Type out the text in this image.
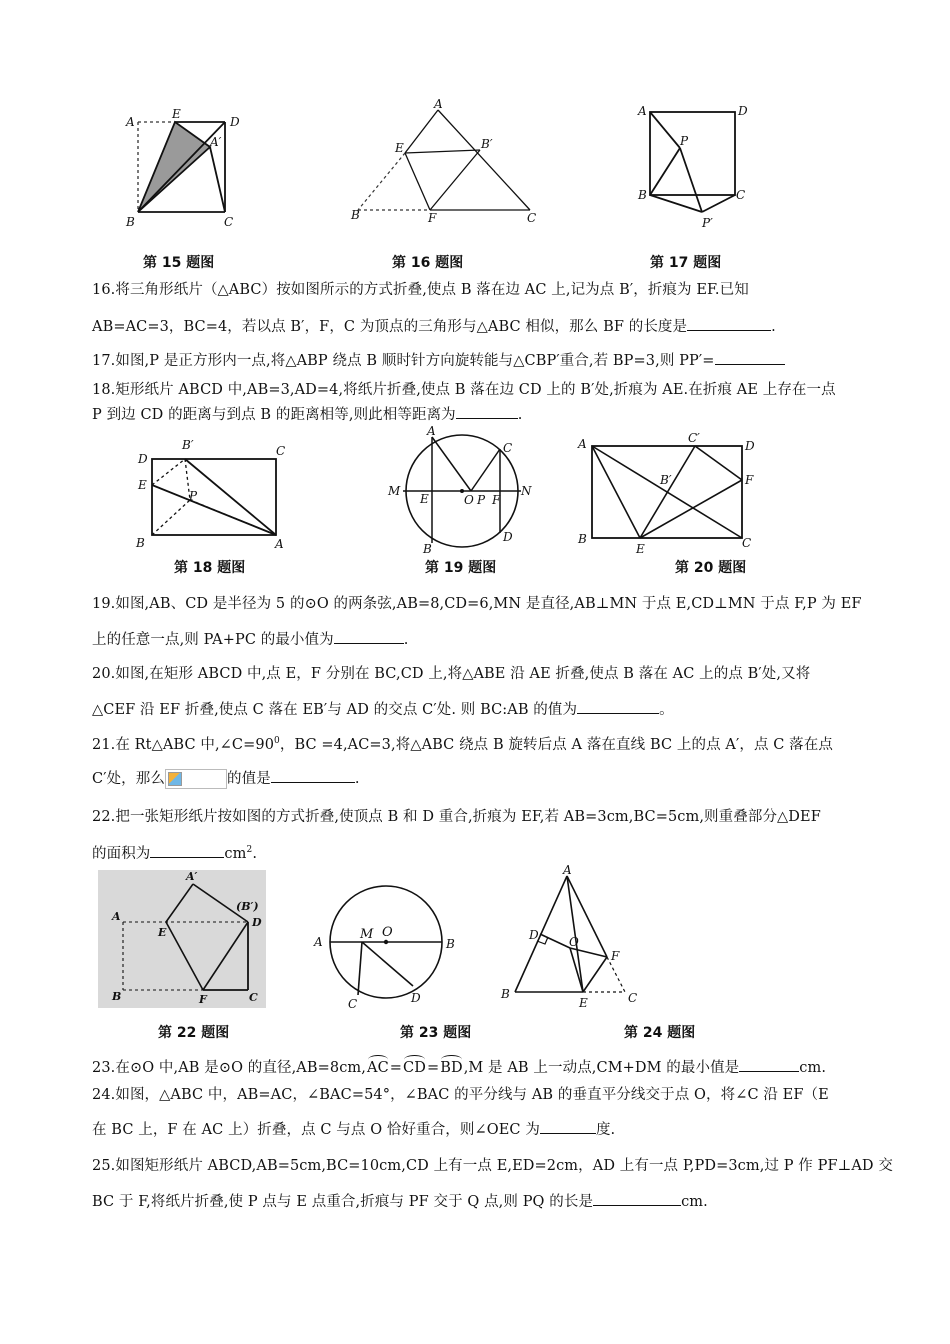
A
E
D
A′
B	C
第 15 题图
A
E	B′
B	F	C
第 16 题图
A	D
P
B	C
P′
第 17 题图
16.将三角形纸片（△ABC）按如图所示的方式折叠,使点 B 落在边 AC 上,记为点 B′，折痕为 EF.已知
AB=AC=3，BC=4，若以点 B′，F，C 为顶点的三角形与△ABC 相似，那么 BF 的长度是	.
17.如图,P 是正方形内一点,将△ABP 绕点 B 顺时针方向旋转能与△CBP′重合,若 BP=3,则 PP′=
18.矩形纸片 ABCD 中,AB=3,AD=4,将纸片折叠,使点 B 落在边 CD 上的 B′处,折痕为 AE.在折痕 AE 上存在一点
P 到边 CD 的距离与到点 B 的距离相等,则此相等距离为	.
D
B′	C
E
P
B	A
第 18 题图
A
C
M
E	O P F
N
D
B
第 19 题图
A	C′
D
B′	F
B
E	C
第 20 题图
19.如图,AB、CD 是半径为 5 的⊙O 的两条弦,AB=8,CD=6,MN 是直径,AB⊥MN 于点 E,CD⊥MN 于点 F,P 为 EF
上的任意一点,则 PA+PC 的最小值为	.
20.如图,在矩形 ABCD 中,点 E，F 分别在 BC,CD 上,将△ABE 沿 AE 折叠,使点 B 落在 AC 上的点 B′处,又将
△CEF 沿 EF 折叠,使点 C 落在 EB′与 AD 的交点 C′处. 则 BC:AB 的值为	。
21.在 Rt△ABC 中$,\angle C=90^0$，BC =4,AC=3,将△ABC 绕点 B 旋转后点 A 落在直线 BC 上的点 A′，点 C 落在点
C′处，那么	的值是	.
22.把一张矩形纸片按如图的方式折叠,使顶点 B 和 D 重合,折痕为 EF,若 AB=3cm,BC=5cm,则重叠部分△DEF
的面积为	$cm^2$.
A′
(B′)
A
E
D
B	F	C
第 22 题图
M O
A	B
C	D
第 23 题图
A
D	O
F
B
E	C
第 24 题图
23.在⊙O 中,AB 是⊙O 的直径,AB=8cm,AC=CD=BD,M 是 AB 上一动点,CM+DM 的最小值是	cm.
24.如图，△ABC 中，AB=AC，∠BAC=54°，∠BAC 的平分线与 AB 的垂直平分线交于点 O，将∠C 沿 EF（E
在 BC 上，F 在 AC 上）折叠，点 C 与点 O 恰好重合，则∠OEC 为	度.
25.如图矩形纸片 ABCD,AB=5cm,BC=10cm,CD 上有一点 E,ED=2cm，AD 上有一点 P,PD=3cm,过 P 作 PF⊥AD 交
BC 于 F,将纸片折叠,使 P 点与 E 点重合,折痕与 PF 交于 Q 点,则 PQ 的长是	cm.
